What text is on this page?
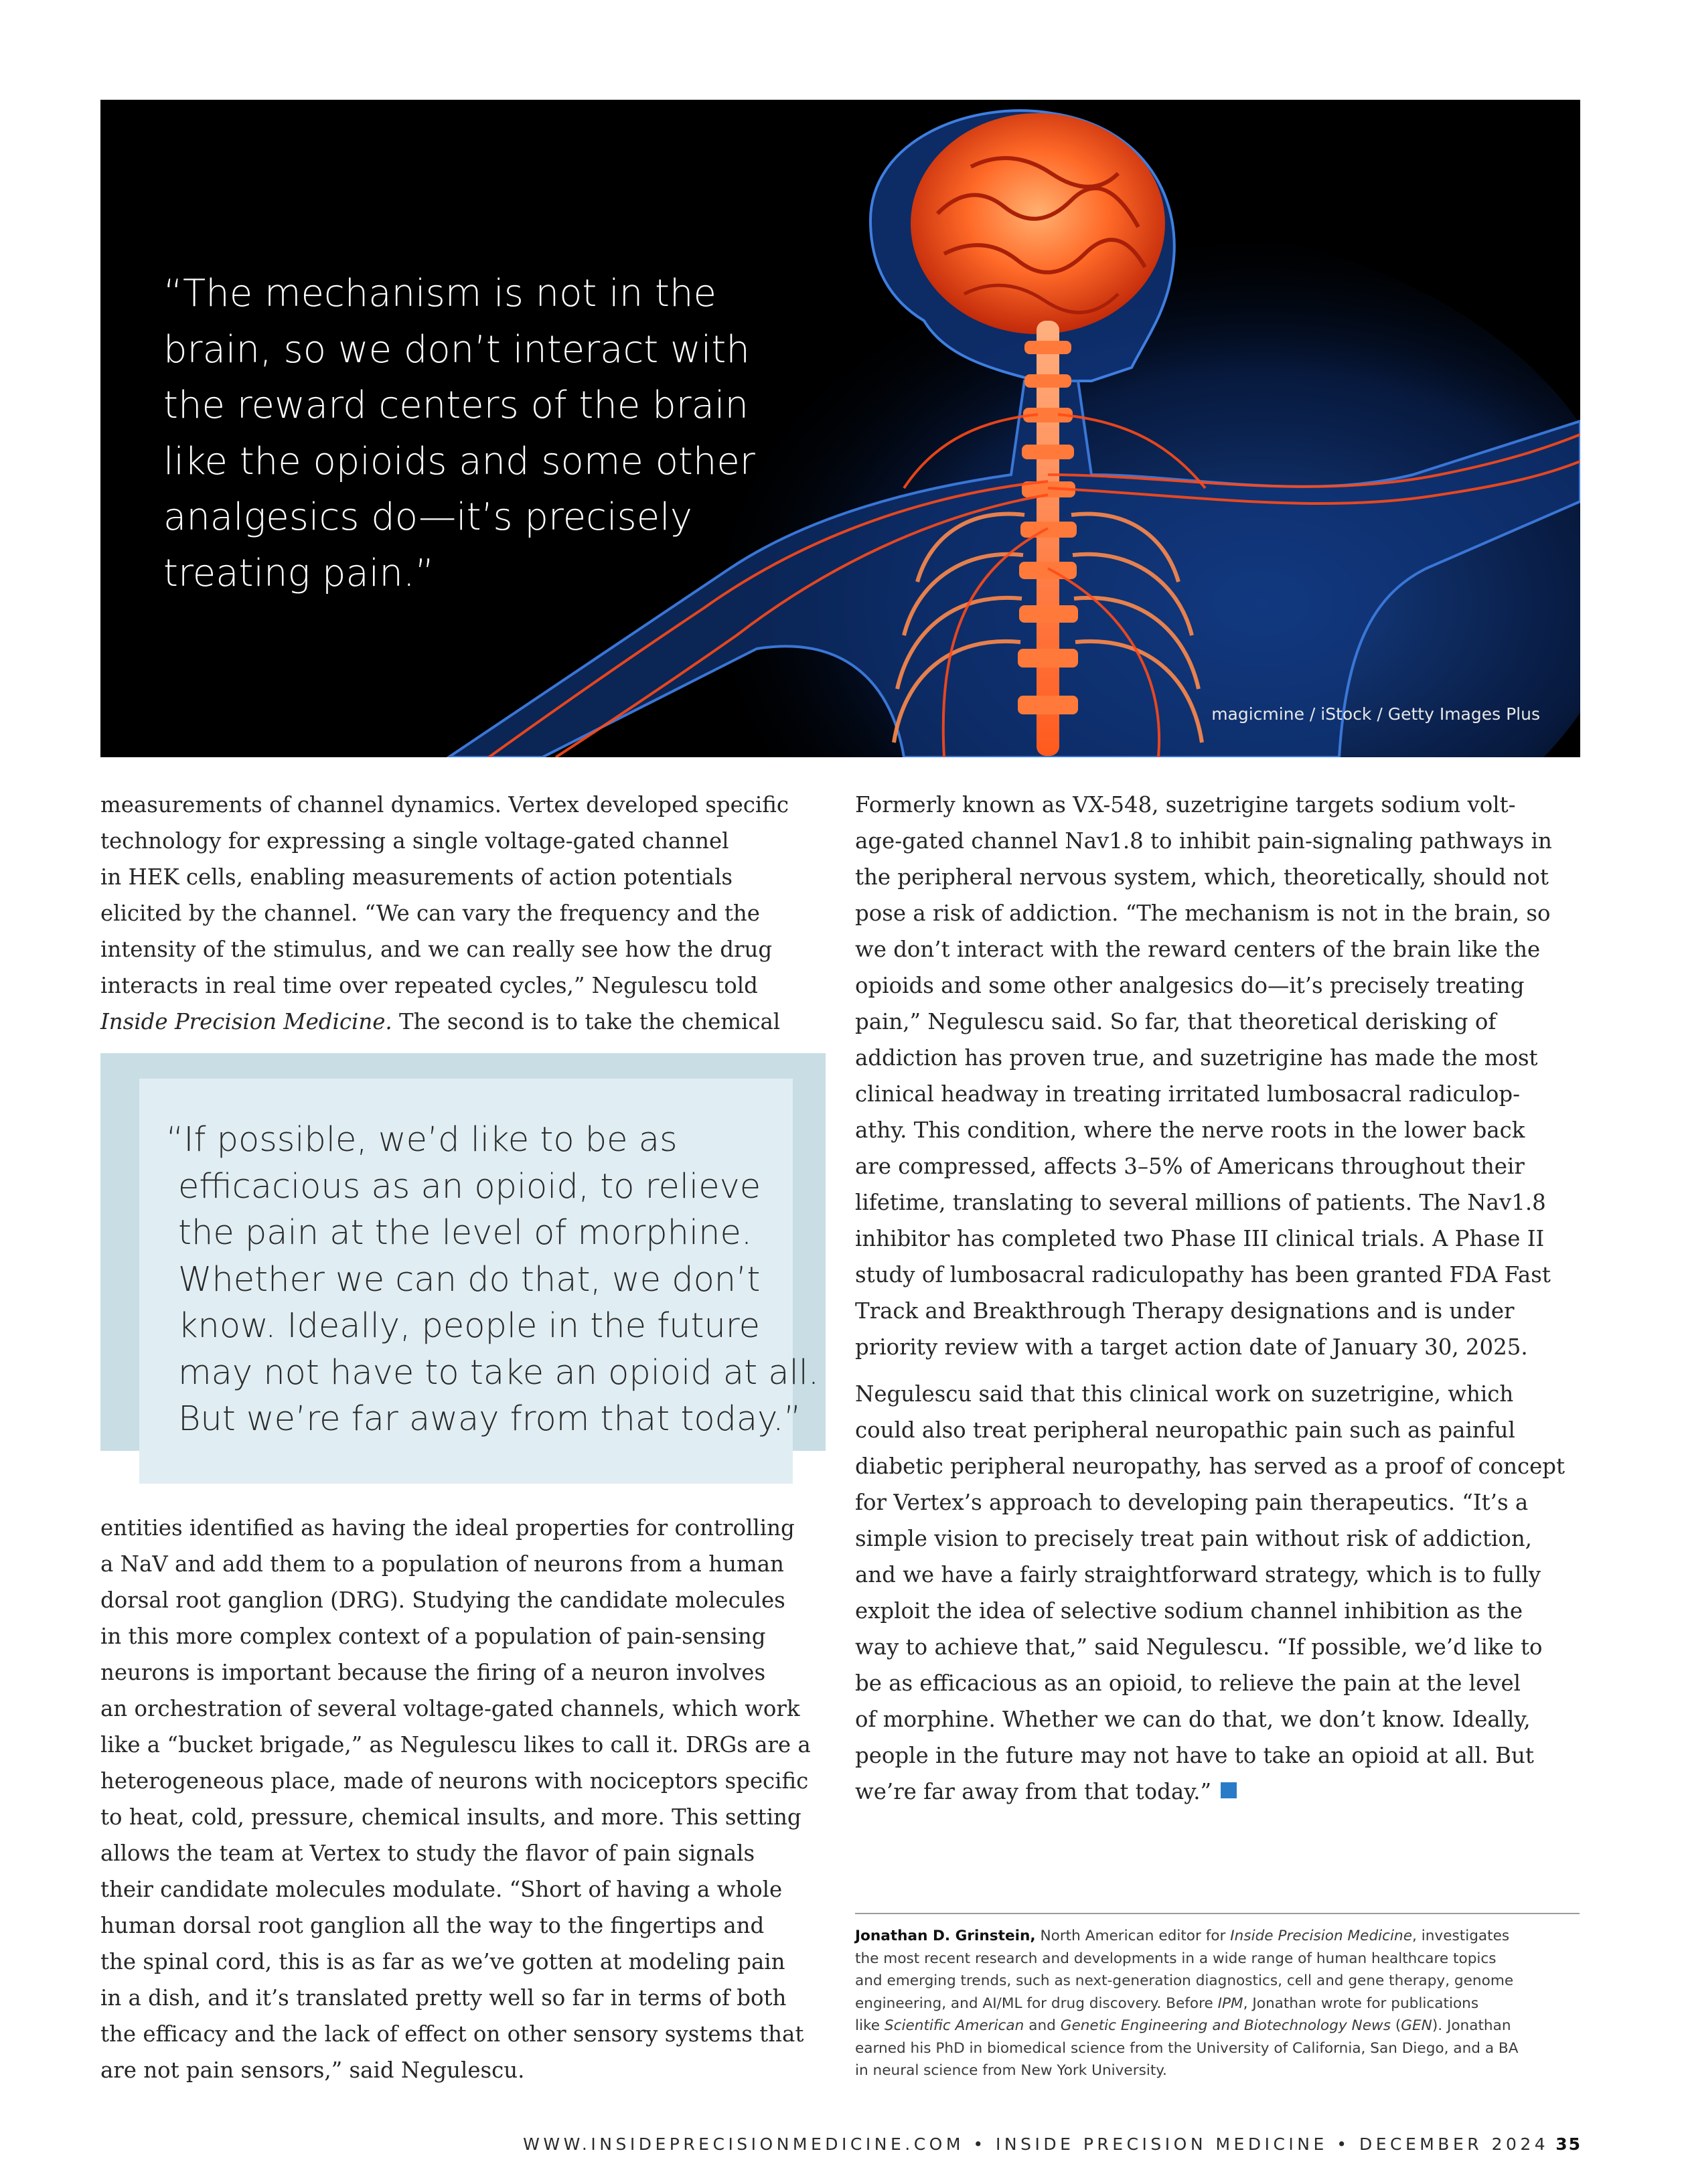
“The mechanism is not in the
brain, so we don’t interact with
the reward centers of the brain
like the opioids and some other
analgesics do—it’s precisely
treating pain.”

magicmine / iStock / Getty Images Plus

measurements of channel dynamics. Vertex developed specific

technology for expressing a single voltage-gated channel

in HEK cells, enabling measurements of action potentials

elicited by the channel. “We can vary the frequency and the

intensity of the stimulus, and we can really see how the drug

interacts in real time over repeated cycles,” Negulescu told

Inside Precision Medicine. The second is to take the chemical

“If possible, we’d like to be as
efficacious as an opioid, to relieve
the pain at the level of morphine.
Whether we can do that, we don’t
know. Ideally, people in the future
may not have to take an opioid at all.
But we’re far away from that today.”

entities identified as having the ideal properties for controlling

a NaV and add them to a population of neurons from a human

dorsal root ganglion (DRG). Studying the candidate molecules

in this more complex context of a population of pain-sensing

neurons is important because the firing of a neuron involves

an orchestration of several voltage-gated channels, which work

like a “bucket brigade,” as Negulescu likes to call it. DRGs are a

heterogeneous place, made of neurons with nociceptors specific

to heat, cold, pressure, chemical insults, and more. This setting

allows the team at Vertex to study the flavor of pain signals

their candidate molecules modulate. “Short of having a whole

human dorsal root ganglion all the way to the fingertips and

the spinal cord, this is as far as we’ve gotten at modeling pain

in a dish, and it’s translated pretty well so far in terms of both

the efficacy and the lack of effect on other sensory systems that

are not pain sensors,” said Negulescu.

Formerly known as VX-548, suzetrigine targets sodium volt-

age-gated channel Nav1.8 to inhibit pain-signaling pathways in

the peripheral nervous system, which, theoretically, should not

pose a risk of addiction. “The mechanism is not in the brain, so

we don’t interact with the reward centers of the brain like the

opioids and some other analgesics do—it’s precisely treating

pain,” Negulescu said. So far, that theoretical derisking of

addiction has proven true, and suzetrigine has made the most

clinical headway in treating irritated lumbosacral radiculop-

athy. This condition, where the nerve roots in the lower back

are compressed, affects 3–5% of Americans throughout their

lifetime, translating to several millions of patients. The Nav1.8

inhibitor has completed two Phase III clinical trials. A Phase II

study of lumbosacral radiculopathy has been granted FDA Fast

Track and Breakthrough Therapy designations and is under

priority review with a target action date of January 30, 2025.

Negulescu said that this clinical work on suzetrigine, which

could also treat peripheral neuropathic pain such as painful

diabetic peripheral neuropathy, has served as a proof of concept

for Vertex’s approach to developing pain therapeutics. “It’s a

simple vision to precisely treat pain without risk of addiction,

and we have a fairly straightforward strategy, which is to fully

exploit the idea of selective sodium channel inhibition as the

way to achieve that,” said Negulescu. “If possible, we’d like to

be as efficacious as an opioid, to relieve the pain at the level

of morphine. Whether we can do that, we don’t know. Ideally,

people in the future may not have to take an opioid at all. But

we’re far away from that today.”

Jonathan D. Grinstein, North American editor for Inside Precision Medicine, investigates

the most recent research and developments in a wide range of human healthcare topics

and emerging trends, such as next-generation diagnostics, cell and gene therapy, genome

engineering, and AI/ML for drug discovery. Before IPM, Jonathan wrote for publications

like Scientific American and Genetic Engineering and Biotechnology News (GEN). Jonathan

earned his PhD in biomedical science from the University of California, San Diego, and a BA

in neural science from New York University.

WWW.INSIDEPRECISIONMEDICINE.COM • INSIDE PRECISION MEDICINE • DECEMBER 2024 35
